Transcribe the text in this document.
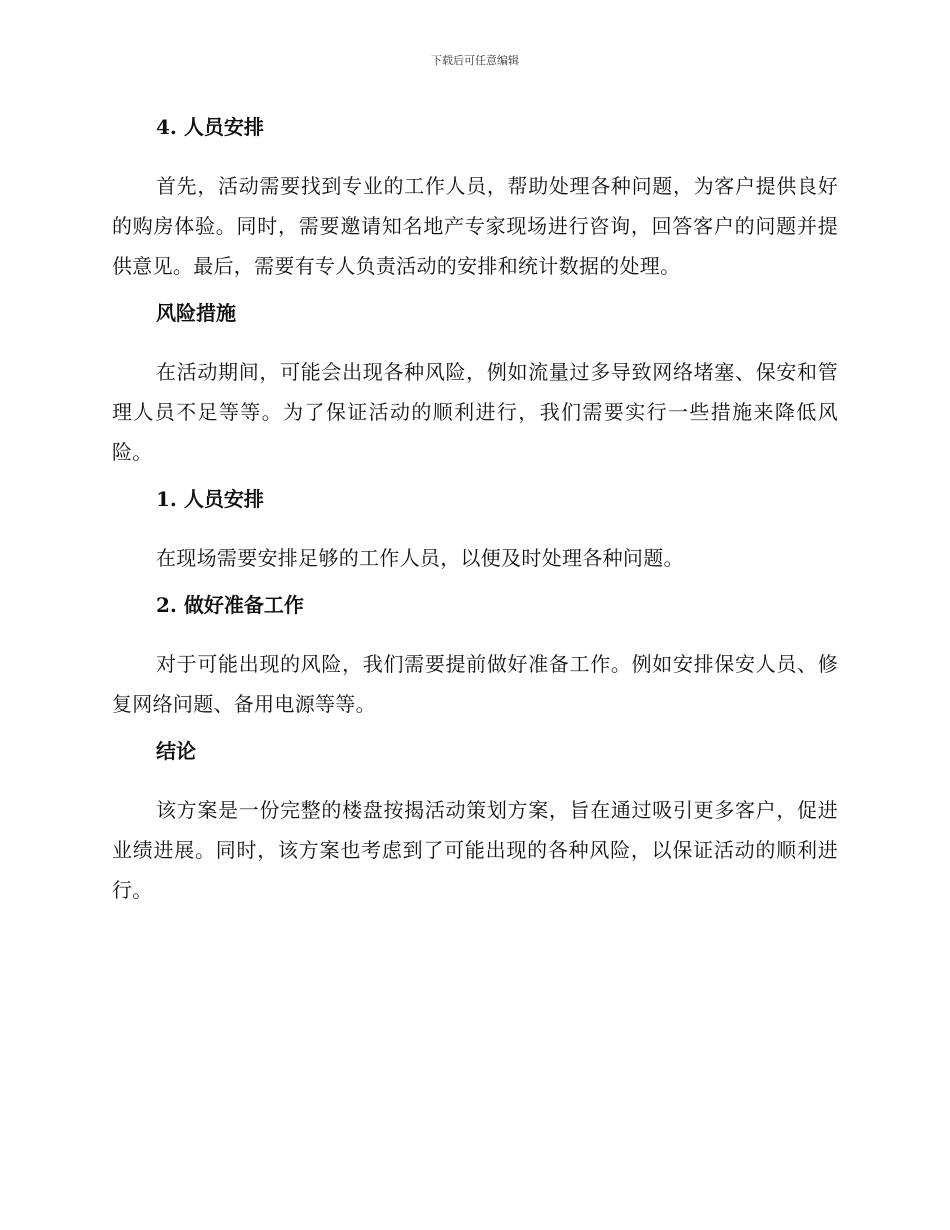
下载后可任意编辑
4. 人员安排

首先，活动需要找到专业的工作人员，帮助处理各种问题，为客户提供良好的购房体验。同时，需要邀请知名地产专家现场进行咨询，回答客户的问题并提供意见。最后，需要有专人负责活动的安排和统计数据的处理。

风险措施

在活动期间，可能会出现各种风险，例如流量过多导致网络堵塞、保安和管理人员不足等等。为了保证活动的顺利进行，我们需要实行一些措施来降低风险。

1. 人员安排

在现场需要安排足够的工作人员，以便及时处理各种问题。

2. 做好准备工作

对于可能出现的风险，我们需要提前做好准备工作。例如安排保安人员、修复网络问题、备用电源等等。

结论

该方案是一份完整的楼盘按揭活动策划方案，旨在通过吸引更多客户，促进业绩进展。同时，该方案也考虑到了可能出现的各种风险，以保证活动的顺利进行。
